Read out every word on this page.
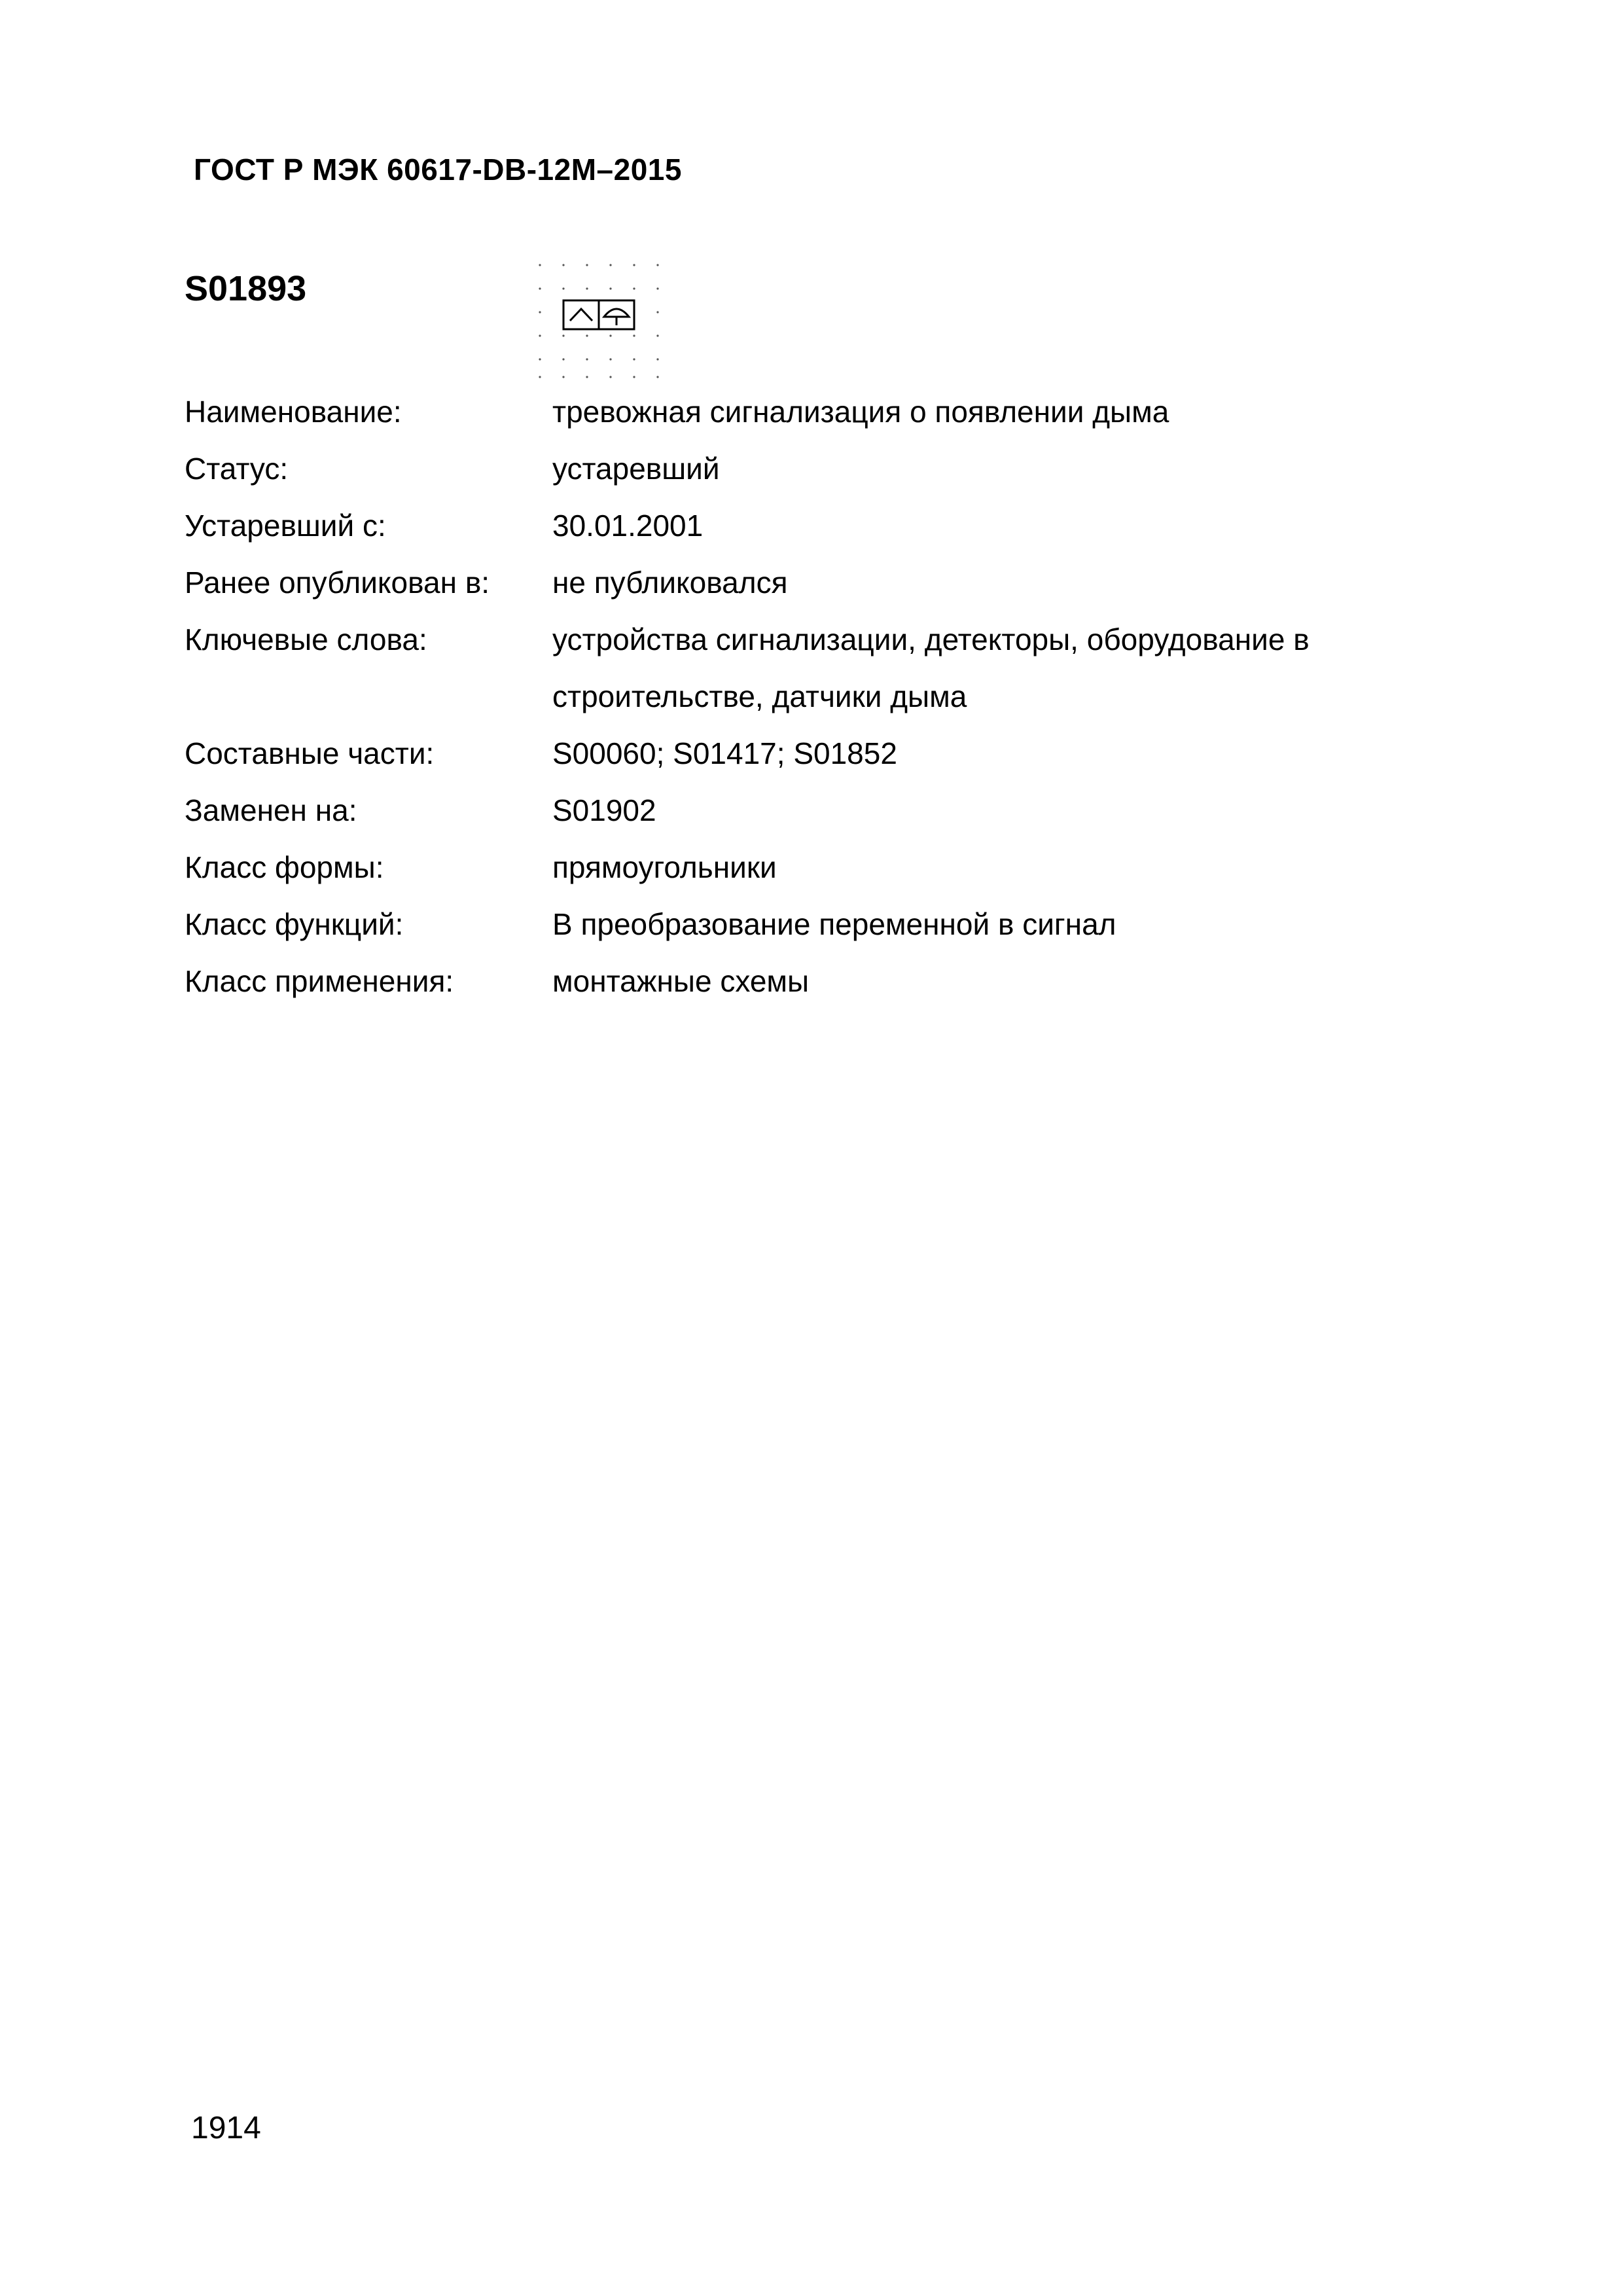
ГОСТ Р МЭК 60617-DB-12M–2015
S01893
Наименование:	тревожная сигнализация о появлении дыма
Статус:	устаревший
Устаревший с:	30.01.2001
Ранее опубликован в:	не публиковался
Ключевые слова:	устройства сигнализации, детекторы, оборудование в строительстве, датчики дыма
Составные части:	S00060; S01417; S01852
Заменен на:	S01902
Класс формы:	прямоугольники
Класс функций:	В преобразование переменной в сигнал
Класс применения:	монтажные схемы
1914
